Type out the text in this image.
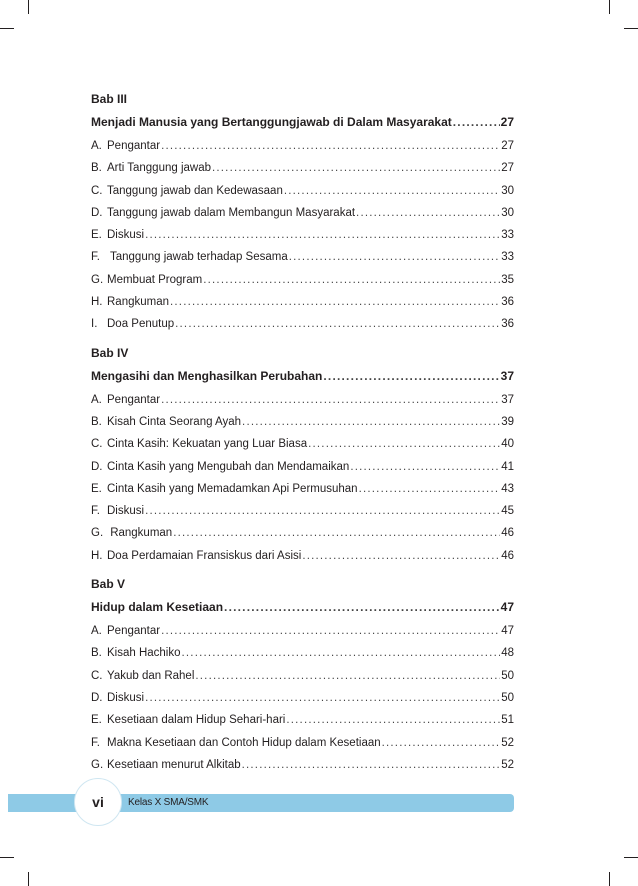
Bab III
Menjadi Manusia yang Bertanggungjawab di Dalam Masyarakat .....	27
A. Pengantar .....	27
B. Arti Tanggung jawab .....	27
C. Tanggung jawab dan Kedewasaan .....	30
D. Tanggung jawab dalam Membangun Masyarakat .....	30
E. Diskusi .....	33
F. Tanggung jawab terhadap Sesama .....	33
G. Membuat Program .....	35
H. Rangkuman .....	36
I. Doa Penutup .....	36
Bab IV
Mengasihi dan Menghasilkan Perubahan .....	37
A. Pengantar .....	37
B. Kisah Cinta Seorang Ayah .....	39
C. Cinta Kasih: Kekuatan yang Luar Biasa .....	40
D. Cinta Kasih yang Mengubah dan Mendamaikan .....	41
E. Cinta Kasih yang Memadamkan Api Permusuhan .....	43
F. Diskusi .....	45
G. Rangkuman .....	46
H. Doa Perdamaian Fransiskus dari Asisi .....	46
Bab V
Hidup dalam Kesetiaan .....	47
A. Pengantar .....	47
B. Kisah Hachiko .....	48
C. Yakub dan Rahel .....	50
D. Diskusi .....	50
E. Kesetiaan dalam Hidup Sehari-hari .....	51
F. Makna Kesetiaan dan Contoh Hidup dalam Kesetiaan .....	52
G. Kesetiaan menurut Alkitab .....	52
vi	Kelas X SMA/SMK
